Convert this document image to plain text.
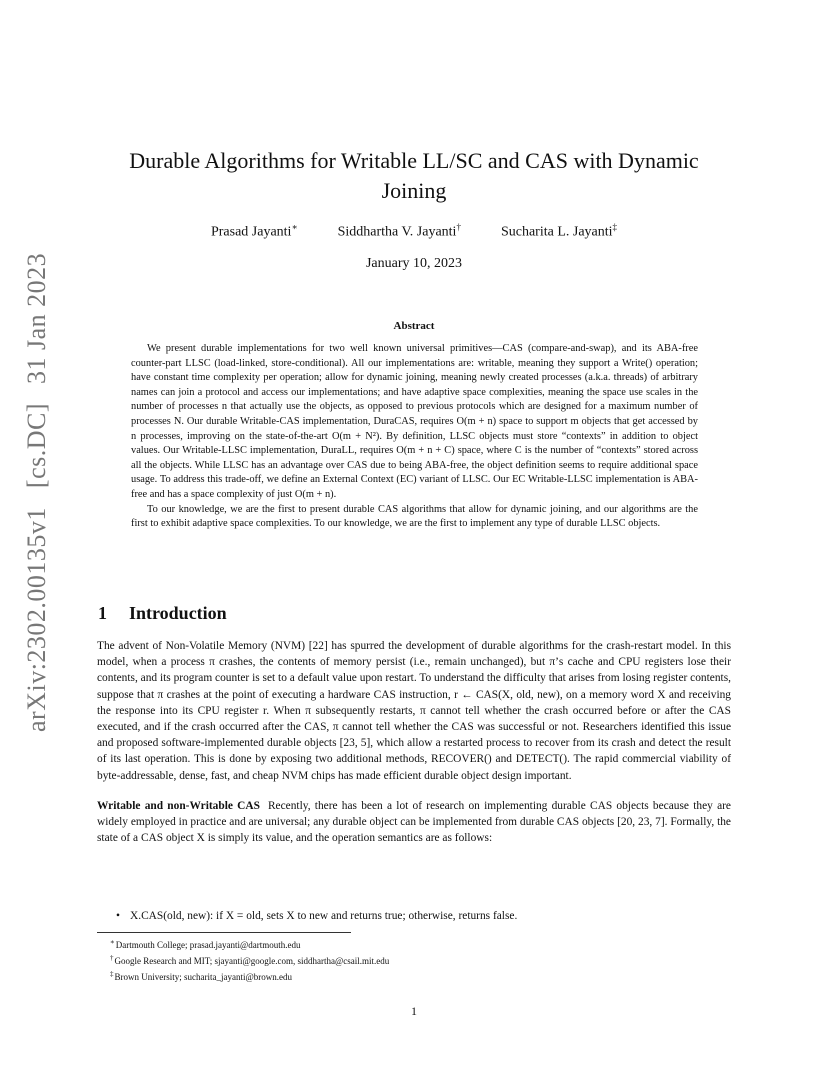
arXiv:2302.00135v1 [cs.DC] 31 Jan 2023
Durable Algorithms for Writable LL/SC and CAS with Dynamic Joining
Prasad Jayanti∗	Siddhartha V. Jayanti†	Sucharita L. Jayanti‡
January 10, 2023
Abstract

We present durable implementations for two well known universal primitives—CAS (compare-and-swap), and its ABA-free counter-part LLSC (load-linked, store-conditional). All our implementations are: writable, meaning they support a Write() operation; have constant time complexity per operation; allow for dynamic joining, meaning newly created processes (a.k.a. threads) of arbitrary names can join a protocol and access our implementations; and have adaptive space complexities, meaning the space use scales in the number of processes n that actually use the objects, as opposed to previous protocols which are designed for a maximum number of processes N. Our durable Writable-CAS implementation, DuraCAS, requires O(m + n) space to support m objects that get accessed by n processes, improving on the state-of-the-art O(m + N²). By definition, LLSC objects must store “contexts” in addition to object values. Our Writable-LLSC implementation, DuraLL, requires O(m + n + C) space, where C is the number of “contexts” stored across all the objects. While LLSC has an advantage over CAS due to being ABA-free, the object definition seems to require additional space usage. To address this trade-off, we define an External Context (EC) variant of LLSC. Our EC Writable-LLSC implementation is ABA-free and has a space complexity of just O(m + n).

To our knowledge, we are the first to present durable CAS algorithms that allow for dynamic joining, and our algorithms are the first to exhibit adaptive space complexities. To our knowledge, we are the first to implement any type of durable LLSC objects.

1 Introduction

The advent of Non-Volatile Memory (NVM) [22] has spurred the development of durable algorithms for the crash-restart model. In this model, when a process π crashes, the contents of memory persist (i.e., remain unchanged), but π’s cache and CPU registers lose their contents, and its program counter is set to a default value upon restart. To understand the difficulty that arises from losing register contents, suppose that π crashes at the point of executing a hardware CAS instruction, r ← CAS(X, old, new), on a memory word X and receiving the response into its CPU register r. When π subsequently restarts, π cannot tell whether the crash occurred before or after the CAS executed, and if the crash occurred after the CAS, π cannot tell whether the CAS was successful or not. Researchers identified this issue and proposed software-implemented durable objects [23, 5], which allow a restarted process to recover from its crash and detect the result of its last operation. This is done by exposing two additional methods, RECOVER() and DETECT(). The rapid commercial viability of byte-addressable, dense, fast, and cheap NVM chips has made efficient durable object design important.

Writable and non-Writable CAS Recently, there has been a lot of research on implementing durable CAS objects because they are widely employed in practice and are universal; any durable object can be implemented from durable CAS objects [20, 23, 7]. Formally, the state of a CAS object X is simply its value, and the operation semantics are as follows:

• X.CAS(old, new): if X = old, sets X to new and returns true; otherwise, returns false.
∗Dartmouth College; prasad.jayanti@dartmouth.edu
†Google Research and MIT; sjayanti@google.com, siddhartha@csail.mit.edu
‡Brown University; sucharita_jayanti@brown.edu
1
